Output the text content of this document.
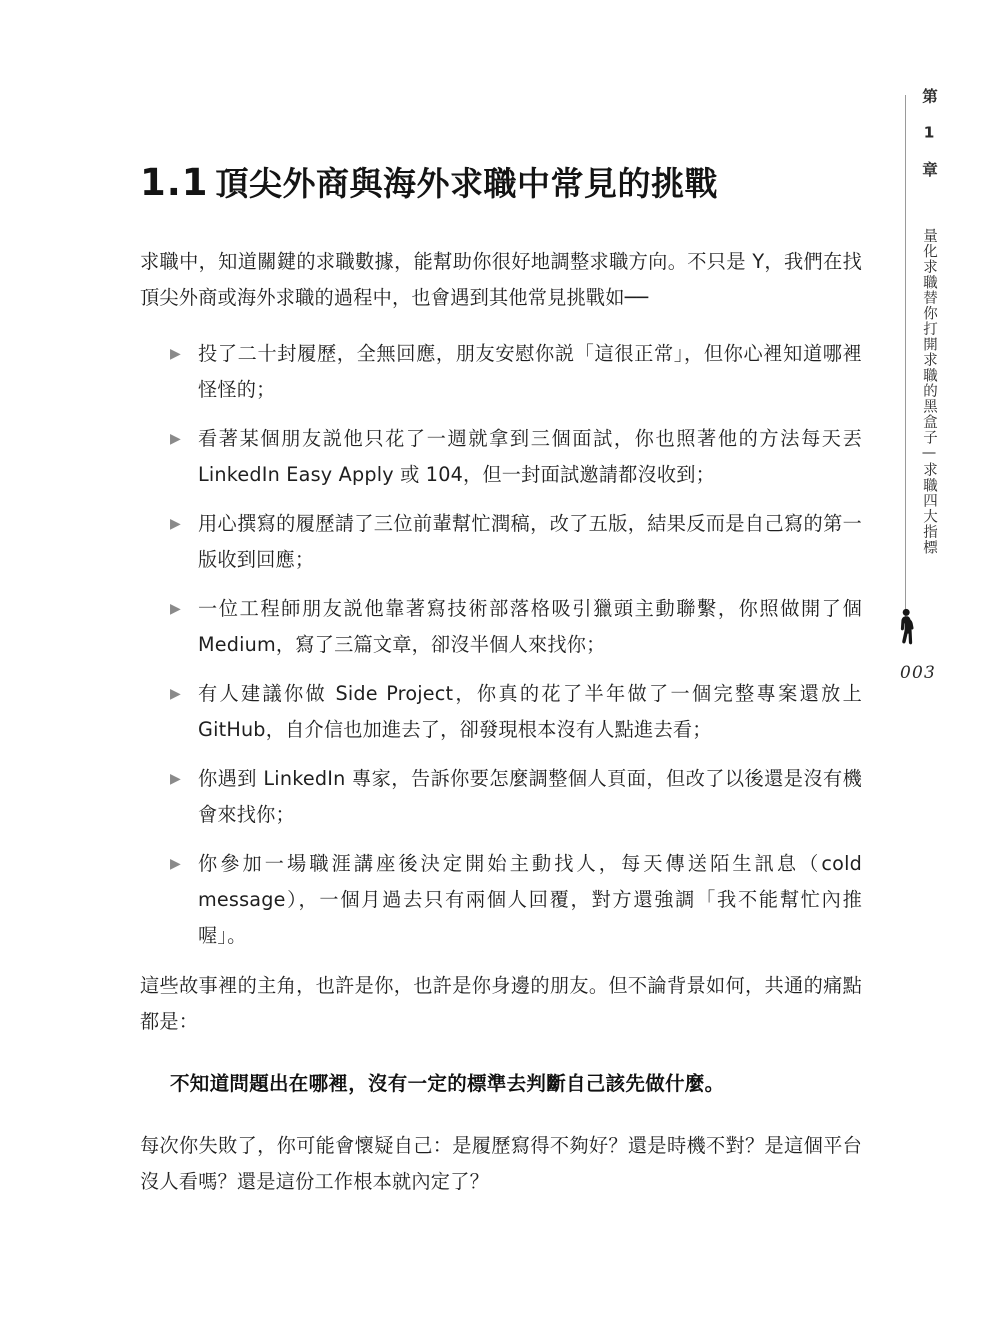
1.1 頂尖外商與海外求職中常見的挑戰

求職中，知道關鍵的求職數據，能幫助你很好地調整求職方向。不只是 Y，我們在找頂尖外商或海外求職的過程中，也會遇到其他常見挑戰如──

▶ 投了二十封履歷，全無回應，朋友安慰你説「這很正常」，但你心裡知道哪裡怪怪的；
▶ 看著某個朋友説他只花了一週就拿到三個面試，你也照著他的方法每天丟 LinkedIn Easy Apply 或 104，但一封面試邀請都沒收到；
▶ 用心撰寫的履歷請了三位前輩幫忙潤稿，改了五版，結果反而是自己寫的第一版收到回應；
▶ 一位工程師朋友説他靠著寫技術部落格吸引獵頭主動聯繫，你照做開了個 Medium，寫了三篇文章，卻沒半個人來找你；
▶ 有人建議你做 Side Project，你真的花了半年做了一個完整專案還放上 GitHub，自介信也加進去了，卻發現根本沒有人點進去看；
▶ 你遇到 LinkedIn 專家，告訴你要怎麼調整個人頁面，但改了以後還是沒有機會來找你；
▶ 你參加一場職涯講座後決定開始主動找人，每天傳送陌生訊息（cold message），一個月過去只有兩個人回覆，對方還強調「我不能幫忙內推喔」。

這些故事裡的主角，也許是你，也許是你身邊的朋友。但不論背景如何，共通的痛點都是：

不知道問題出在哪裡，沒有一定的標準去判斷自己該先做什麼。

每次你失敗了，你可能會懷疑自己：是履歷寫得不夠好？還是時機不對？是這個平台沒人看嗎？還是這份工作根本就內定了？

第 1 章  量化求職替你打開求職的黑盒子—求職四大指標
003
